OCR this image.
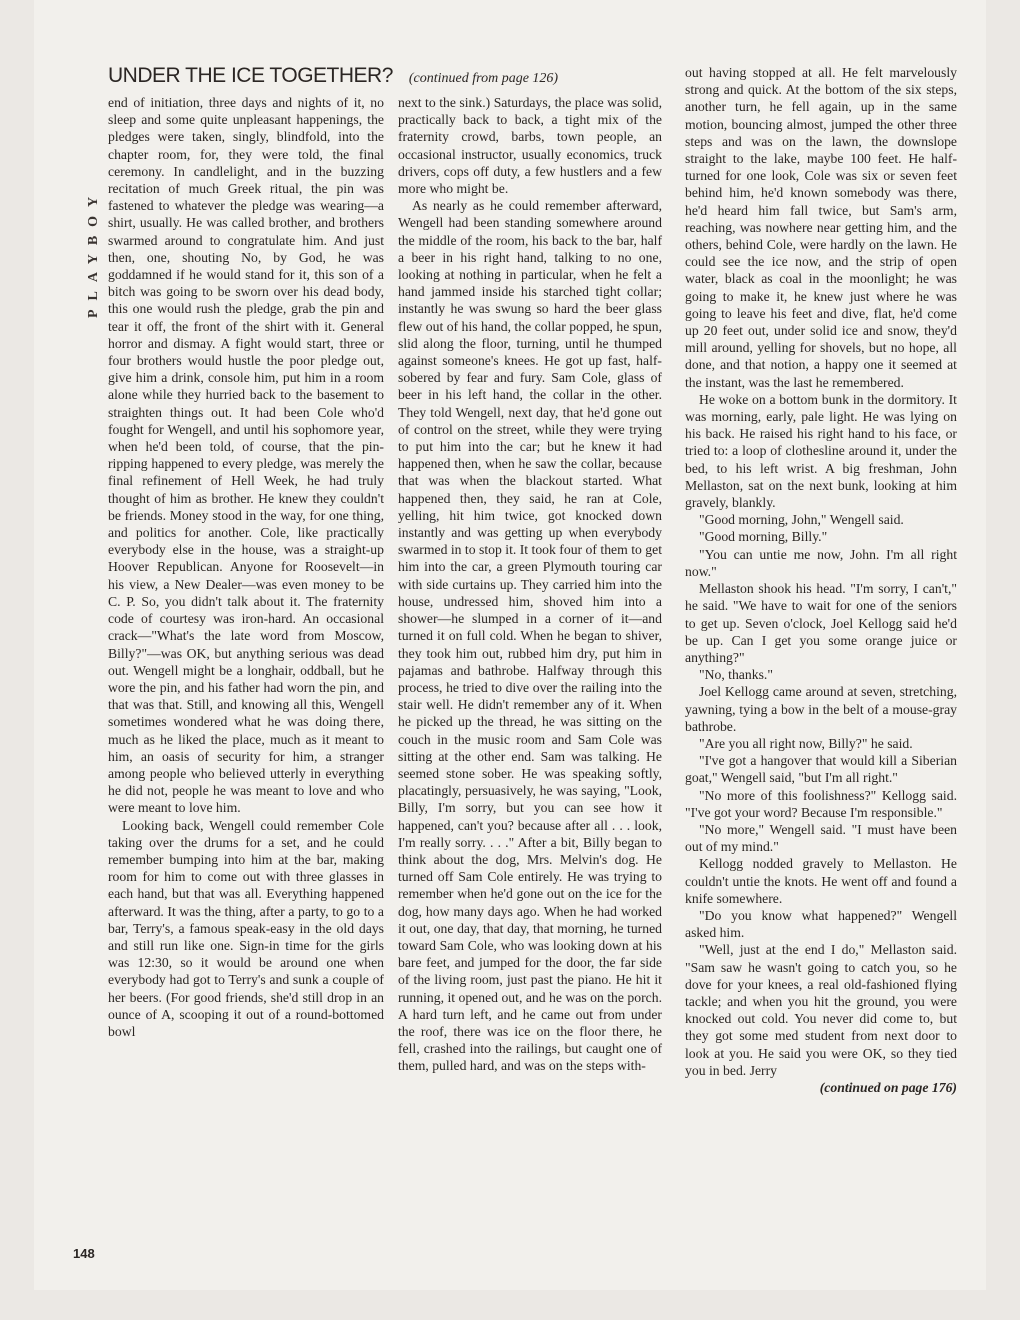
PLAYBOY
UNDER THE ICE TOGETHER? (continued from page 126)

end of initiation, three days and nights of it, no sleep and some quite unpleasant happenings, the pledges were taken, singly, blindfold, into the chapter room, for, they were told, the final ceremony. In candlelight, and in the buzzing recitation of much Greek ritual, the pin was fastened to whatever the pledge was wearing—a shirt, usually. He was called brother, and brothers swarmed around to congratulate him. And just then, one, shouting No, by God, he was goddamned if he would stand for it, this son of a bitch was going to be sworn over his dead body, this one would rush the pledge, grab the pin and tear it off, the front of the shirt with it. General horror and dismay. A fight would start, three or four brothers would hustle the poor pledge out, give him a drink, console him, put him in a room alone while they hurried back to the basement to straighten things out. It had been Cole who'd fought for Wengell, and until his sophomore year, when he'd been told, of course, that the pin-ripping happened to every pledge, was merely the final refinement of Hell Week, he had truly thought of him as brother. He knew they couldn't be friends. Money stood in the way, for one thing, and politics for another. Cole, like practically everybody else in the house, was a straight-up Hoover Republican. Anyone for Roosevelt—in his view, a New Dealer—was even money to be C. P. So, you didn't talk about it. The fraternity code of courtesy was iron-hard. An occasional crack—"What's the late word from Moscow, Billy?"—was OK, but anything serious was dead out. Wengell might be a longhair, oddball, but he wore the pin, and his father had worn the pin, and that was that. Still, and knowing all this, Wengell sometimes wondered what he was doing there, much as he liked the place, much as it meant to him, an oasis of security for him, a stranger among people who believed utterly in everything he did not, people he was meant to love and who were meant to love him.

Looking back, Wengell could remember Cole taking over the drums for a set, and he could remember bumping into him at the bar, making room for him to come out with three glasses in each hand, but that was all. Everything happened afterward. It was the thing, after a party, to go to a bar, Terry's, a famous speak-easy in the old days and still run like one. Sign-in time for the girls was 12:30, so it would be around one when everybody had got to Terry's and sunk a couple of her beers. (For good friends, she'd still drop in an ounce of A, scooping it out of a round-bottomed bowl

next to the sink.) Saturdays, the place was solid, practically back to back, a tight mix of the fraternity crowd, barbs, town people, an occasional instructor, usually economics, truck drivers, cops off duty, a few hustlers and a few more who might be.

As nearly as he could remember afterward, Wengell had been standing somewhere around the middle of the room, his back to the bar, half a beer in his right hand, talking to no one, looking at nothing in particular, when he felt a hand jammed inside his starched tight collar; instantly he was swung so hard the beer glass flew out of his hand, the collar popped, he spun, slid along the floor, turning, until he thumped against someone's knees. He got up fast, half-sobered by fear and fury. Sam Cole, glass of beer in his left hand, the collar in the other. They told Wengell, next day, that he'd gone out of control on the street, while they were trying to put him into the car; but he knew it had happened then, when he saw the collar, because that was when the blackout started. What happened then, they said, he ran at Cole, yelling, hit him twice, got knocked down instantly and was getting up when everybody swarmed in to stop it. It took four of them to get him into the car, a green Plymouth touring car with side curtains up. They carried him into the house, undressed him, shoved him into a shower—he slumped in a corner of it—and turned it on full cold. When he began to shiver, they took him out, rubbed him dry, put him in pajamas and bathrobe. Halfway through this process, he tried to dive over the railing into the stair well. He didn't remember any of it. When he picked up the thread, he was sitting on the couch in the music room and Sam Cole was sitting at the other end. Sam was talking. He seemed stone sober. He was speaking softly, placatingly, persuasively, he was saying, "Look, Billy, I'm sorry, but you can see how it happened, can't you? because after all . . . look, I'm really sorry. . . ." After a bit, Billy began to think about the dog, Mrs. Melvin's dog. He turned off Sam Cole entirely. He was trying to remember when he'd gone out on the ice for the dog, how many days ago. When he had worked it out, one day, that day, that morning, he turned toward Sam Cole, who was looking down at his bare feet, and jumped for the door, the far side of the living room, just past the piano. He hit it running, it opened out, and he was on the porch. A hard turn left, and he came out from under the roof, there was ice on the floor there, he fell, crashed into the railings, but caught one of them, pulled hard, and was on the steps with-

out having stopped at all. He felt marvelously strong and quick. At the bottom of the six steps, another turn, he fell again, up in the same motion, bouncing almost, jumped the other three steps and was on the lawn, the downslope straight to the lake, maybe 100 feet. He half-turned for one look, Cole was six or seven feet behind him, he'd known somebody was there, he'd heard him fall twice, but Sam's arm, reaching, was nowhere near getting him, and the others, behind Cole, were hardly on the lawn. He could see the ice now, and the strip of open water, black as coal in the moonlight; he was going to make it, he knew just where he was going to leave his feet and dive, flat, he'd come up 20 feet out, under solid ice and snow, they'd mill around, yelling for shovels, but no hope, all done, and that notion, a happy one it seemed at the instant, was the last he remembered.

He woke on a bottom bunk in the dormitory. It was morning, early, pale light. He was lying on his back. He raised his right hand to his face, or tried to: a loop of clothesline around it, under the bed, to his left wrist. A big freshman, John Mellaston, sat on the next bunk, looking at him gravely, blankly.

"Good morning, John," Wengell said.

"Good morning, Billy."

"You can untie me now, John. I'm all right now."

Mellaston shook his head. "I'm sorry, I can't," he said. "We have to wait for one of the seniors to get up. Seven o'clock, Joel Kellogg said he'd be up. Can I get you some orange juice or anything?"

"No, thanks."

Joel Kellogg came around at seven, stretching, yawning, tying a bow in the belt of a mouse-gray bathrobe.

"Are you all right now, Billy?" he said.

"I've got a hangover that would kill a Siberian goat," Wengell said, "but I'm all right."

"No more of this foolishness?" Kellogg said. "I've got your word? Because I'm responsible."

"No more," Wengell said. "I must have been out of my mind."

Kellogg nodded gravely to Mellaston. He couldn't untie the knots. He went off and found a knife somewhere.

"Do you know what happened?" Wengell asked him.

"Well, just at the end I do," Mellaston said. "Sam saw he wasn't going to catch you, so he dove for your knees, a real old-fashioned flying tackle; and when you hit the ground, you were knocked out cold. You never did come to, but they got some med student from next door to look at you. He said you were OK, so they tied you in bed. Jerry

(continued on page 176)
148
